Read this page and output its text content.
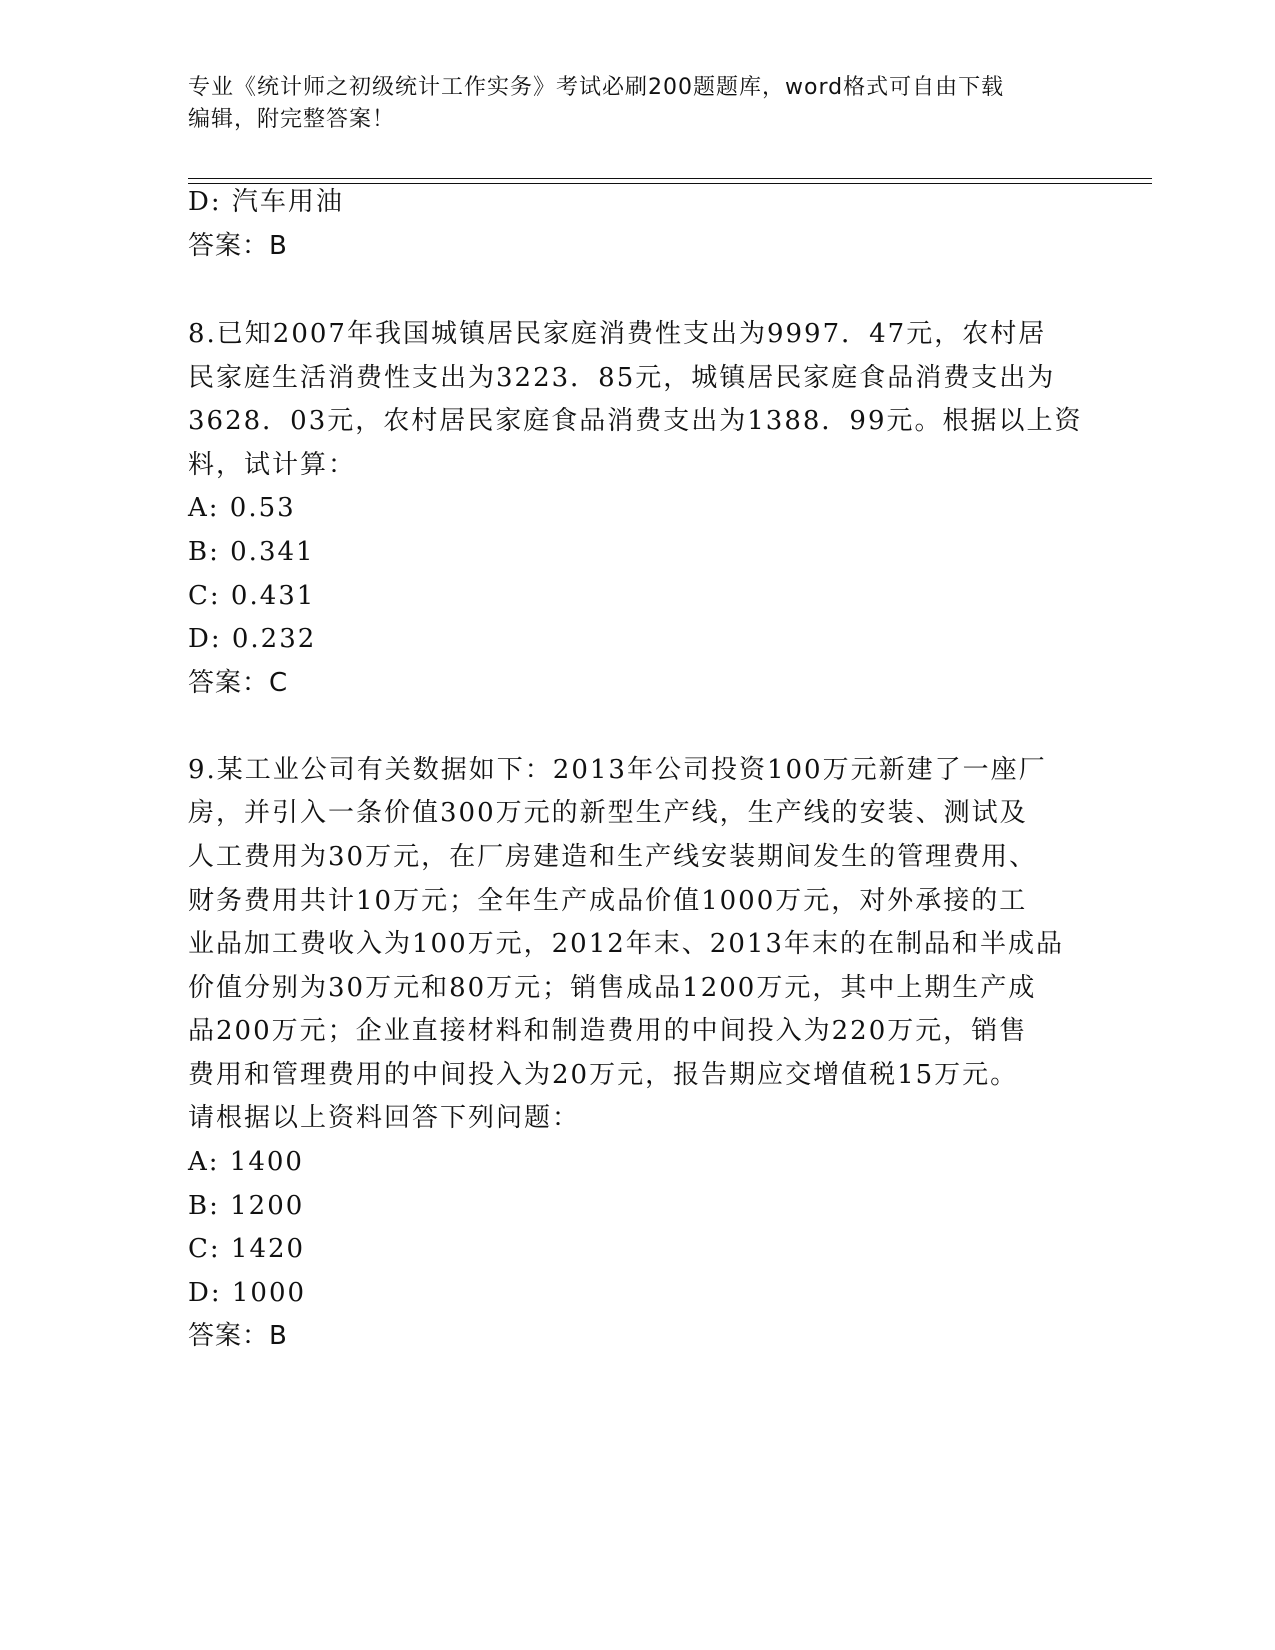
专业《统计师之初级统计工作实务》考试必刷200题题库，word格式可自由下载
编辑，附完整答案！
D: 汽车用油
答案：B
8.已知2007年我国城镇居民家庭消费性支出为9997．47元，农村居
民家庭生活消费性支出为3223．85元，城镇居民家庭食品消费支出为
3628．03元，农村居民家庭食品消费支出为1388．99元。根据以上资
料，试计算：
A: 0.53
B: 0.341
C: 0.431
D: 0.232
答案：C
9.某工业公司有关数据如下：2013年公司投资100万元新建了一座厂
房，并引入一条价值300万元的新型生产线，生产线的安装、测试及
人工费用为30万元，在厂房建造和生产线安装期间发生的管理费用、
财务费用共计10万元；全年生产成品价值1000万元，对外承接的工
业品加工费收入为100万元，2012年末、2013年末的在制品和半成品
价值分别为30万元和80万元；销售成品1200万元，其中上期生产成
品200万元；企业直接材料和制造费用的中间投入为220万元，销售
费用和管理费用的中间投入为20万元，报告期应交增值税15万元。
请根据以上资料回答下列问题：
A: 1400
B: 1200
C: 1420
D: 1000
答案：B
